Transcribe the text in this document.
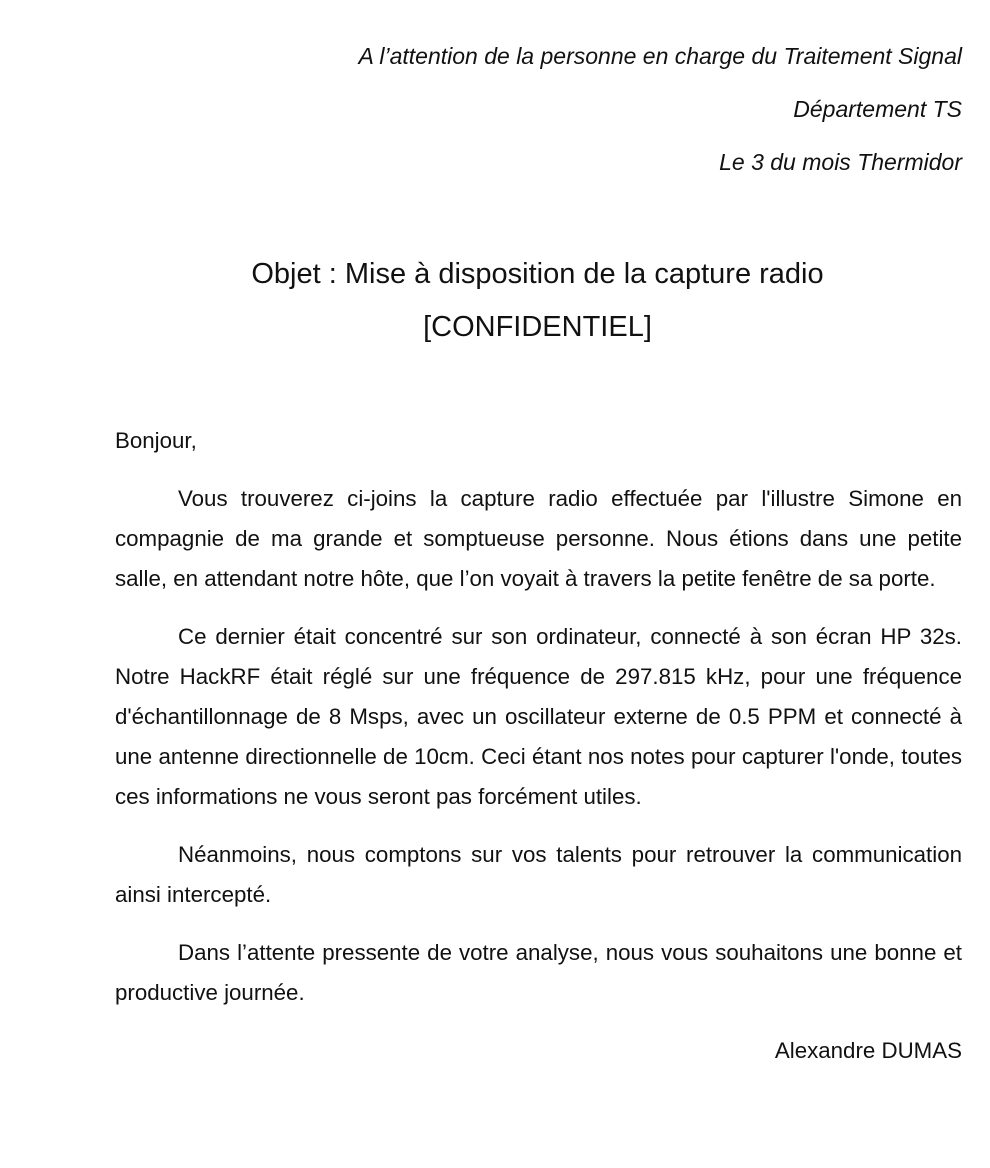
A l’attention de la personne en charge du Traitement Signal
Département TS
Le 3 du mois Thermidor
Objet : Mise à disposition de la capture radio
[CONFIDENTIEL]

Bonjour,

Vous trouverez ci-joins la capture radio effectuée par l'illustre Simone en compagnie de ma grande et somptueuse personne. Nous étions dans une petite salle, en attendant notre hôte, que l’on voyait à travers la petite fenêtre de sa porte.

Ce dernier était concentré sur son ordinateur, connecté à son écran HP 32s. Notre HackRF était réglé sur une fréquence de 297.815 kHz, pour une fréquence d'échantillonnage de 8 Msps, avec un oscillateur externe de 0.5 PPM et connecté à une antenne directionnelle de 10cm. Ceci étant nos notes pour capturer l'onde, toutes ces informations ne vous seront pas forcément utiles.

Néanmoins, nous comptons sur vos talents pour retrouver la communication ainsi intercepté.

Dans l’attente pressente de votre analyse, nous vous souhaitons une bonne et productive journée.

Alexandre DUMAS
